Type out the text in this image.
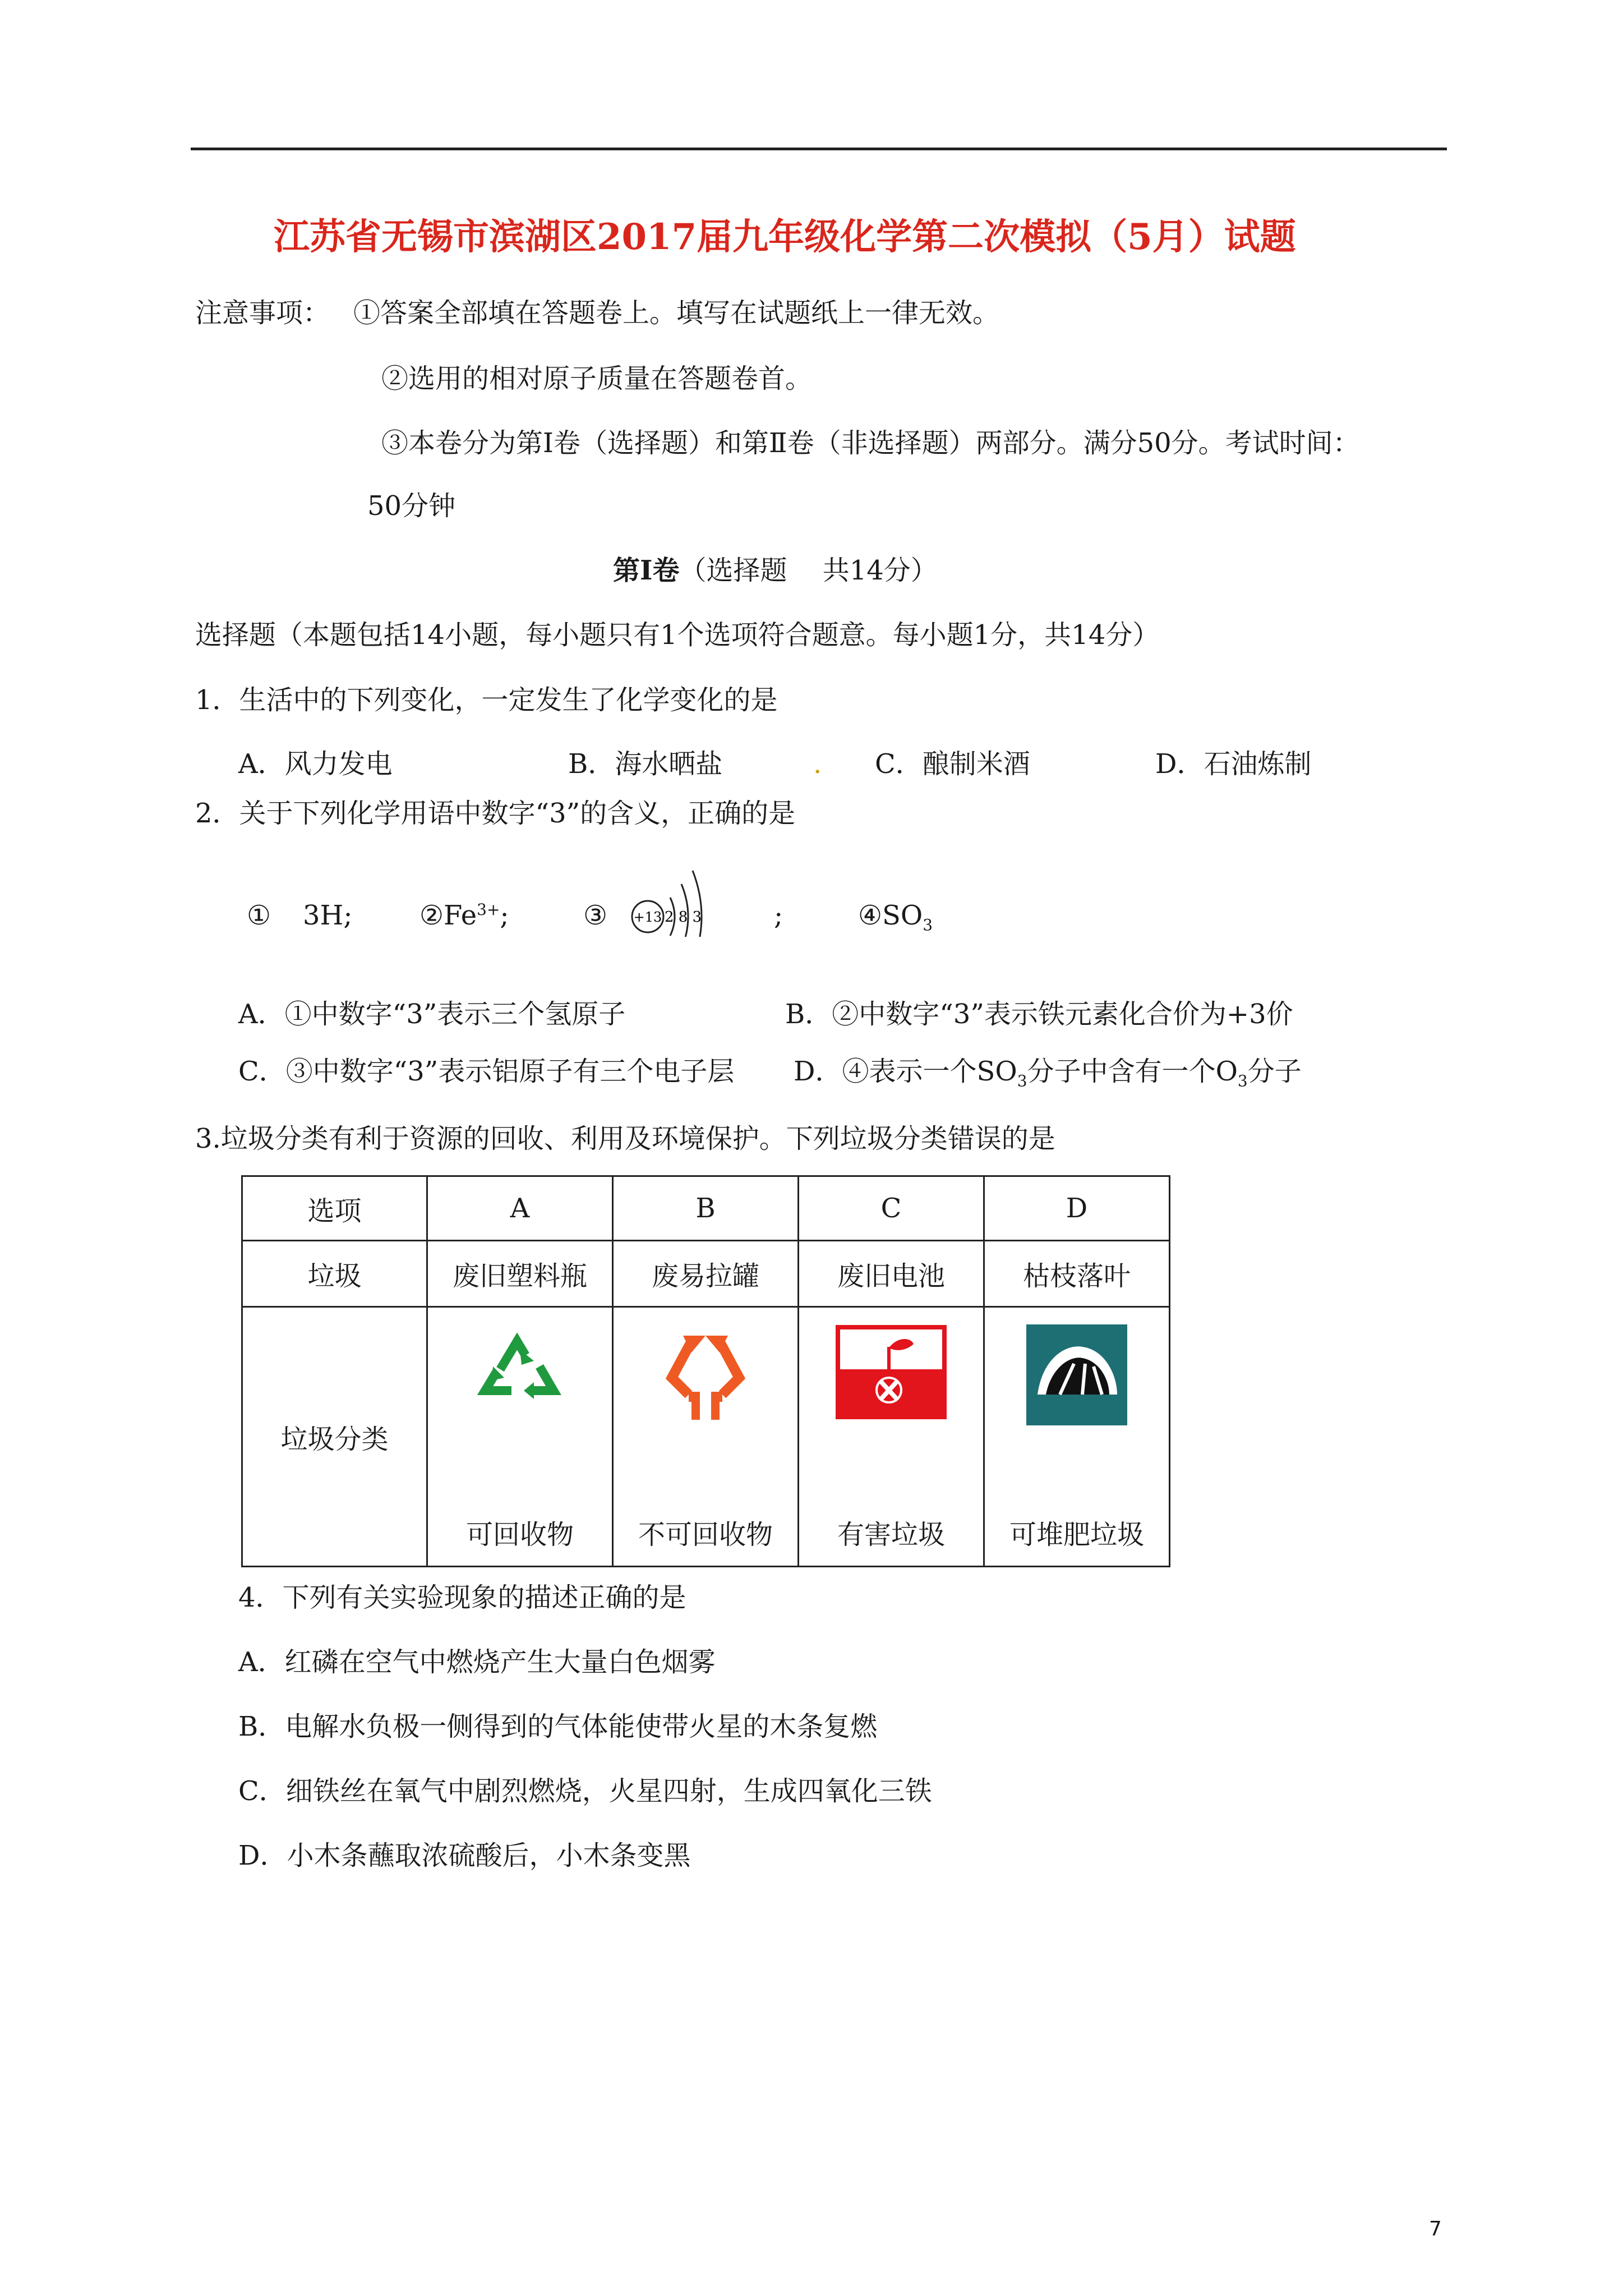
江苏省无锡市滨湖区2017届九年级化学第二次模拟（5月）试题
注意事项： ①答案全部填在答题卷上。填写在试题纸上一律无效。
②选用的相对原子质量在答题卷首。
③本卷分为第Ⅰ卷（选择题）和第Ⅱ卷（非选择题）两部分。满分50分。考试时间：
50分钟
第Ⅰ卷（选择题　 共14分）
选择题（本题包括14小题，每小题只有1个选项符合题意。每小题1分，共14分）
1．生活中的下列变化，一定发生了化学变化的是
A．风力发电	B．海水晒盐	. C．酿制米酒	D．石油炼制
2．关于下列化学用语中数字“3”的含义，正确的是
① 3H; $②Fe^{3+}$;	③ +13 2 8 3	;	$④SO_3$
A．①中数字“3”表示三个氢原子	B．②中数字“3”表示铁元素化合价为+3价
C．③中数字“3”表示铝原子有三个电子层 D．④表示一个$SO_3$分子中含有一个$O_3$分子
3.垃圾分类有利于资源的回收、利用及环境保护。下列垃圾分类错误的是
选项	A	B	C	D
垃圾	废旧塑料瓶	废易拉罐	废旧电池	枯枝落叶
垃圾分类	可回收物	不可回收物	有害垃圾	可堆肥垃圾
4．下列有关实验现象的描述正确的是
A．红磷在空气中燃烧产生大量白色烟雾
B．电解水负极一侧得到的气体能使带火星的木条复燃
C．细铁丝在氧气中剧烈燃烧，火星四射，生成四氧化三铁
D．小木条蘸取浓硫酸后，小木条变黑
7
